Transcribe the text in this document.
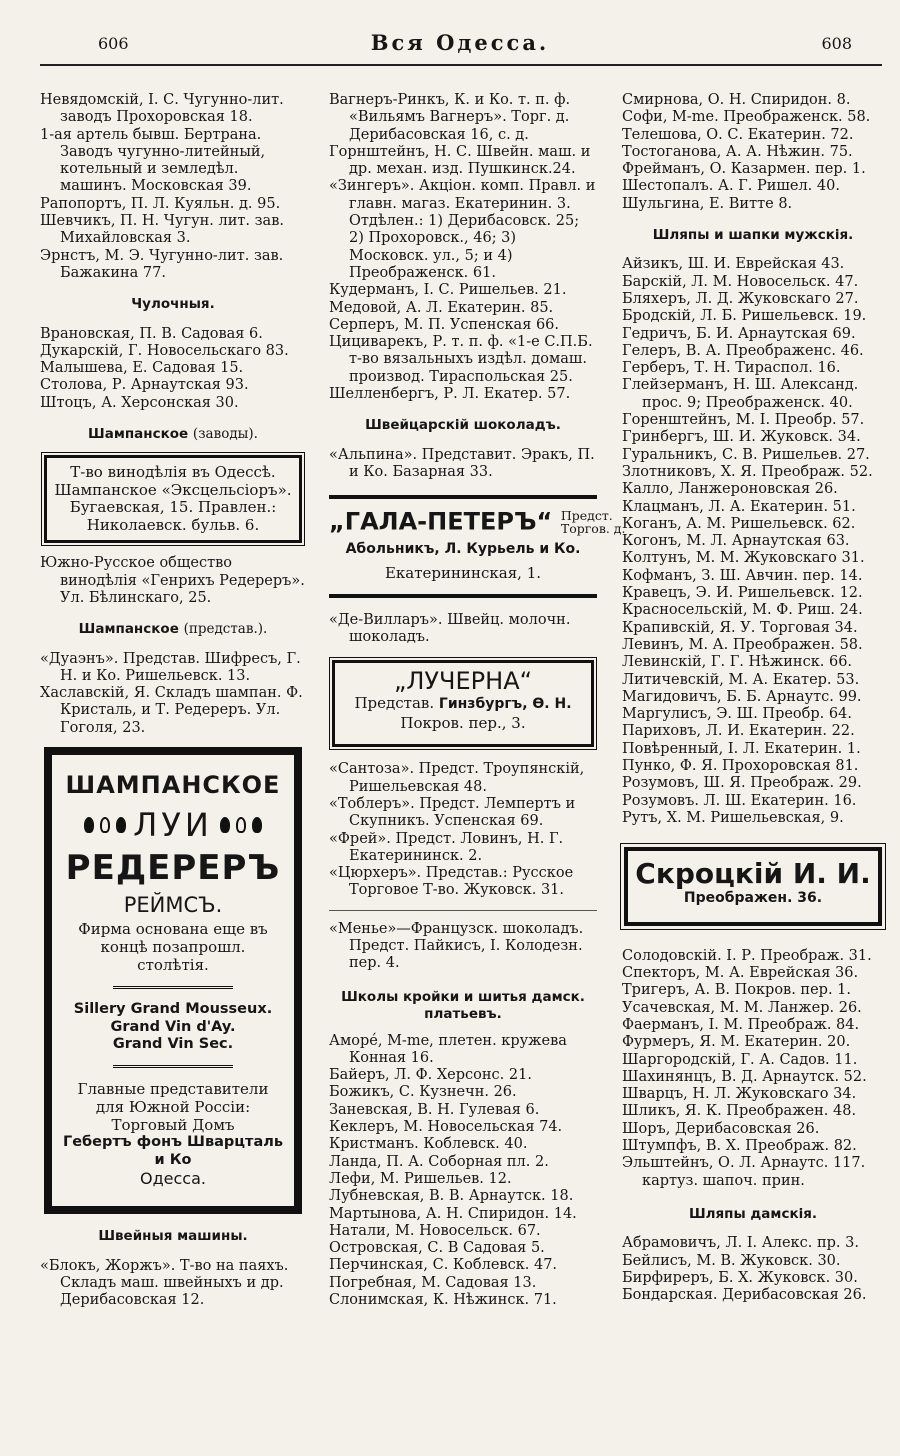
606	Вся Одесса.	608
Невядомскій, I. С. Чугунно-лит. заводъ Прохоровская 18.
1-ая артель бывш. Бертрана. Заводъ чугунно-литейный, котельный и земледѣл. машинъ. Московская 39.
Рапопортъ, П. Л. Куяльн. д. 95.
Шевчикъ, П. Н. Чугун. лит. зав. Михайловская 3.
Эрнстъ, М. Э. Чугунно-лит. зав. Бажакина 77.
Чулочныя.
Врановская, П. В. Садовая 6.
Дукарскій, Г. Новосельскаго 83.
Малышева, Е. Садовая 15.
Столова, Р. Арнаутская 93.
Штоцъ, А. Херсонская 30.
Шампанское (заводы).
Т-во винодѣлія въ Одессѣ.
Шампанское «Эксцельсіоръ».
Бугаевская, 15. Правлен.:
Николаевск. бульв. 6.
Южно-Русское общество винодѣлія «Генрихъ Редереръ». Ул. Бѣлинскаго, 25.
Шампанское (представ.).
«Дуаэнъ». Представ. Шифресъ, Г. Н. и Ко. Ришельевск. 13.
Хаславскій, Я. Складъ шампан. Ф. Кристаль, и Т. Редереръ. Ул. Гоголя, 23.
ШАМПАНСКОЕ
ЛУИ
РЕДЕРЕРЪ
РЕЙМСЪ.
Фирма основана еще въ концѣ позапрошл. столѣтія.
Sillery Grand Mousseux.
Grand Vin d'Ay.
Grand Vin Sec.
Главные представители для Южной Россіи:
Торговый Домъ
Гебертъ фонъ Шварцталь и Ко
Одесса.
Швейныя машины.
«Блокъ, Жоржъ». Т-во на паяхъ. Складъ маш. швейныхъ и др. Дерибасовская 12.
Вагнеръ-Ринкъ, К. и Ко. т. п. ф. «Вильямъ Вагнеръ». Торг. д. Дерибасовская 16, с. д.
Горнштейнъ, Н. С. Швейн. маш. и др. механ. изд. Пушкинск.24.
«Зингеръ». Акціон. комп. Правл. и главн. магаз. Екатеринин. 3. Отдѣлен.: 1) Дерибасовск. 25; 2) Прохоровск., 46; 3) Московск. ул., 5; и 4) Преображенск. 61.
Кудерманъ, I. С. Ришельев. 21.
Медовой, А. Л. Екатерин. 85.
Серперъ, М. П. Успенская 66.
Цициварекъ, Р. т. п. ф. «1-е С.П.Б. т-во вязальныхъ издѣл. домаш. производ. Тираспольская 25.
Шелленбергъ, Р. Л. Екатер. 57.
Швейцарскій шоколадъ.
«Альпина». Представит. Эракъ, П. и Ко. Базарная 33.
„ГАЛА-ПЕТЕРЪ“ Предст.
Торгов. д.
Абольникъ, Л. Курьель и Ко.
Екатерининская, 1.
«Де-Вилларъ». Швейц. молочн. шоколадъ.
„ЛУЧЕРНА“
Представ. Гинзбургъ, Ѳ. Н.
Покров. пер., 3.
«Сантоза». Предст. Троупянскій, Ришельевская 48.
«Тоблеръ». Предст. Лемпертъ и Скупникъ. Успенская 69.
«Фрей». Предст. Ловинъ, Н. Г. Екатерининск. 2.
«Цюрхеръ». Представ.: Русское Торговое Т-во. Жуковск. 31.
«Менье»—Французск. шоколадъ. Предст. Пайкисъ, I. Колодезн. пер. 4.
Школы кройки и шитья дамск. платьевъ.
Аморé, M-me, плетен. кружева Конная 16.
Байеръ, Л. Ф. Херсонс. 21.
Божикъ, С. Кузнечн. 26.
Заневская, В. Н. Гулевая 6.
Кеклеръ, М. Новосельская 74.
Кристманъ. Коблевск. 40.
Ланда, П. А. Соборная пл. 2.
Лефи, М. Ришельев. 12.
Лубневская, В. В. Арнаутск. 18.
Мартынова, А. Н. Спиридон. 14.
Натали, М. Новосельск. 67.
Островская, С. В Садовая 5.
Перчинская, С. Коблевск. 47.
Погребная, М. Садовая 13.
Слонимская, К. Нѣжинск. 71.
Смирнова, О. Н. Спиридон. 8.
Софи, M-me. Преображенск. 58.
Телешова, О. С. Екатерин. 72.
Тостоганова, А. А. Нѣжин. 75.
Фрейманъ, О. Казармен. пер. 1.
Шестопалъ. А. Г. Ришел. 40.
Шульгина, Е. Витте 8.
Шляпы и шапки мужскія.
Айзикъ, Ш. И. Еврейская 43.
Барскій, Л. М. Новосельск. 47.
Бляхеръ, Л. Д. Жуковскаго 27.
Бродскій, Л. Б. Ришельевск. 19.
Гедричъ, Б. И. Арнаутская 69.
Гелеръ, В. А. Преображенс. 46.
Герберъ, Т. Н. Тираспол. 16.
Глейзерманъ, Н. Ш. Александ. прос. 9; Преображенск. 40.
Горенштейнъ, М. I. Преобр. 57.
Гринбергъ, Ш. И. Жуковск. 34.
Гуральникъ, С. В. Ришельев. 27.
Злотниковъ, Х. Я. Преображ. 52.
Калло, Ланжероновская 26.
Клацманъ, Л. А. Екатерин. 51.
Коганъ, А. М. Ришельевск. 62.
Когонъ, М. Л. Арнаутская 63.
Колтунъ, М. М. Жуковскаго 31.
Кофманъ, З. Ш. Авчин. пер. 14.
Кравецъ, Э. И. Ришельевск. 12.
Красносельскій, М. Ф. Риш. 24.
Крапивскій, Я. У. Торговая 34.
Левинъ, М. А. Преображен. 58.
Левинскій, Г. Г. Нѣжинск. 66.
Литичевскій, М. А. Екатер. 53.
Магидовичъ, Б. Б. Арнаутс. 99.
Маргулисъ, Э. Ш. Преобр. 64.
Париховъ, Л. И. Екатерин. 22.
Повѣренный, I. Л. Екатерин. 1.
Пунко, Ф. Я. Прохоровская 81.
Розумовъ, Ш. Я. Преображ. 29.
Розумовъ. Л. Ш. Екатерин. 16.
Рутъ, Х. М. Ришельевская, 9.
Скроцкій И. И.
Преображен. 36.
Солодовскій. I. Р. Преображ. 31.
Спекторъ, М. А. Еврейская 36.
Тригеръ, А. В. Покров. пер. 1.
Усачевская, М. М. Ланжер. 26.
Фаерманъ, I. М. Преображ. 84.
Фурмеръ, Я. М. Екатерин. 20.
Шаргородскій, Г. А. Садов. 11.
Шахинянцъ, В. Д. Арнаутск. 52.
Шварцъ, Н. Л. Жуковскаго 34.
Шликъ, Я. К. Преображен. 48.
Шоръ, Дерибасовская 26.
Штумпфъ, В. Х. Преображ. 82.
Эльштейнъ, О. Л. Арнаутс. 117. картуз. шапоч. прин.
Шляпы дамскія.
Абрамовичъ, Л. I. Алекс. пр. 3.
Бейлисъ, М. В. Жуковск. 30.
Бирфиреръ, Б. Х. Жуковск. 30.
Бондарская. Дерибасовская 26.
